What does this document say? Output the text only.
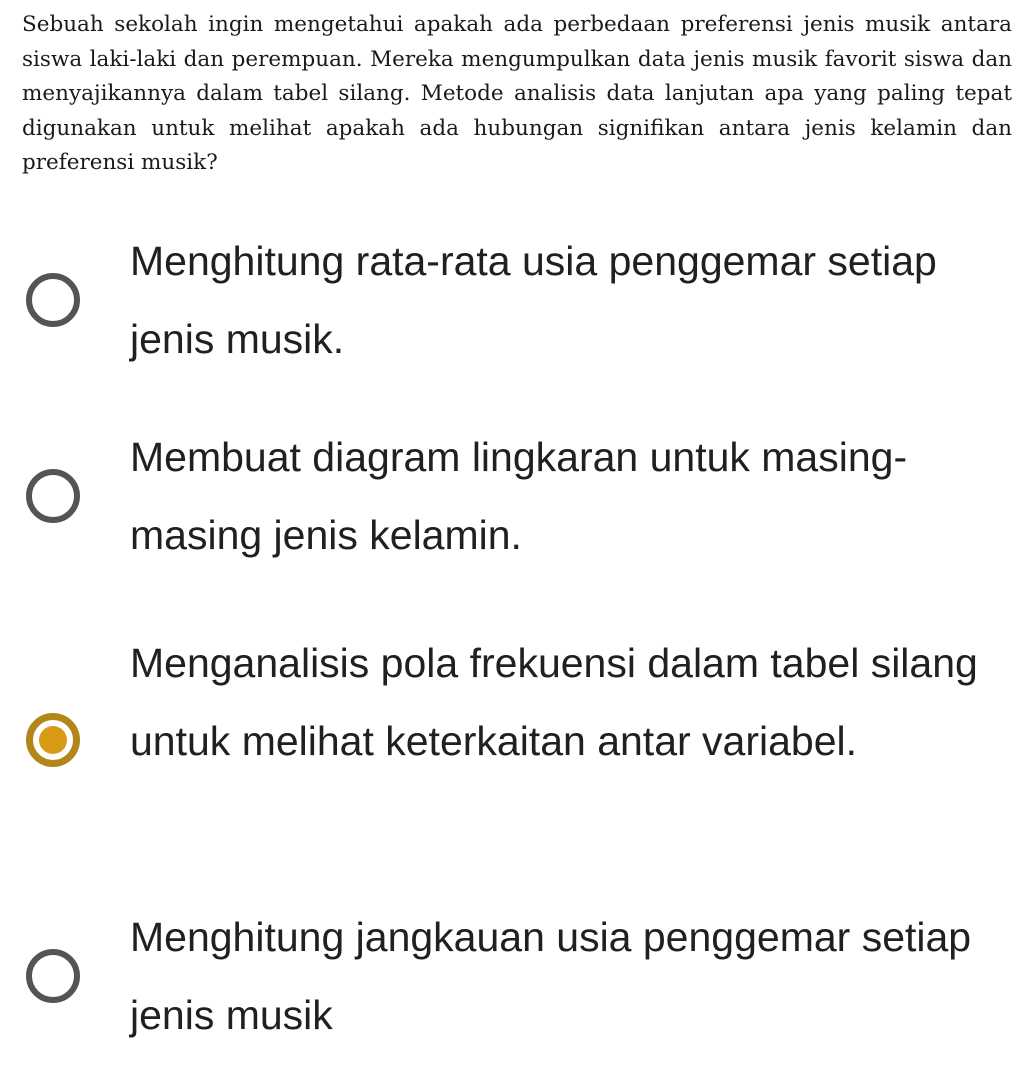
Sebuah sekolah ingin mengetahui apakah ada perbedaan preferensi jenis musik antara siswa laki-laki dan perempuan. Mereka mengumpulkan data jenis musik favorit siswa dan menyajikannya dalam tabel silang. Metode analisis data lanjutan apa yang paling tepat digunakan untuk melihat apakah ada hubungan signifikan antara jenis kelamin dan preferensi musik?
Menghitung rata-rata usia penggemar setiap jenis musik.
Membuat diagram lingkaran untuk masing-masing jenis kelamin.
Menganalisis pola frekuensi dalam tabel silang untuk melihat keterkaitan antar variabel.
Menghitung jangkauan usia penggemar setiap jenis musik
